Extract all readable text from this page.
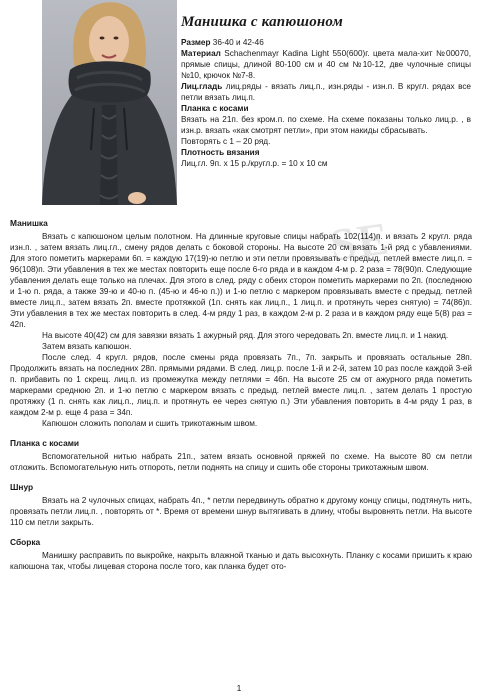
Манишка с капюшоном

Размер 36-40 и 42-46

Материал Schachenmayr Kadina Light 550(600)г. цвета мала-хит №00070, прямые спицы, длиной 80-100 см и 40 см №10-12, две чулочные спицы №10, крючок №7-8.

Лиц.гладь лиц.ряды - вязать лиц.п., изн.ряды - изн.п. В кругл. рядах все петли вязать лиц.п.

Планка с косами

Вязать на 21п. без кром.п. по схеме. На схеме показаны только лиц.р. , в изн.р. вязать «как смотрят петли», при этом накиды сбрасывать.

Повторять с 1 – 20 ряд.

Плотность вязания

Лиц.гл. 9п. х 15 р./кругл.р. = 10 х 10 см

SE

Манишка

Вязать с капюшоном целым полотном. На длинные круговые спицы набрать 102(114)п. и вязать 2 кругл. ряда изн.п. , затем вязать лиц.гл., смену рядов делать с боковой стороны. На высоте 20 см вязать 1-й ряд с убавлениями. Для этого пометить маркерами 6п. = каждую 17(19)-ю петлю и эти петли провязывать с предыд. петлей вместе лиц.п. = 96(108)п. Эти убавления в тех же местах повторить еще после 6-го ряда и в каждом 4-м р. 2 раза = 78(90)п. Следующие убавления делать еще только на плечах. Для этого в след. ряду с обеих сторон пометить маркерами по 2п. (последнюю и 1-ю п. ряда, а также 39-ю и 40-ю п. (45-ю и 46-ю п.)) и 1-ю петлю с маркером провязывать вместе с предыд. петлей вместе лиц.п., затем вязать 2п. вместе протяжкой (1п. снять как лиц.п., 1 лиц.п. и протянуть через снятую) = 74(86)п. Эти убавления в тех же местах повторить в след. 4-м ряду 1 раз, в каждом 2-м р. 2 раза и в каждом ряду еще 5(8) раз = 42п.

На высоте 40(42) см для завязки вязать 1 ажурный ряд. Для этого чередовать 2п. вместе лиц.п. и 1 накид.

Затем вязать капюшон.

После след. 4 кругл. рядов, после смены ряда провязать 7п., 7п. закрыть и провязать остальные 28п. Продолжить вязать на последних 28п. прямыми рядами. В след. лиц.р. после 1-й и 2-й, затем 10 раз после каждой 3-ей п. прибавить по 1 скрещ. лиц.п. из промежутка между петлями = 46п. На высоте 25 см от ажурного ряда пометить маркерами среднюю 2п. и 1-ю петлю с маркером вязать с предыд. петлей вместе лиц.п. , затем делать 1 простую протяжку (1 п. снять как лиц.п., лиц.п. и протянуть ее через снятую п.) Эти убавления повторить в 4-м ряду 1 раз, в каждом 2-м р. еще 4 раза = 34п.

Капюшон сложить пополам и сшить трикотажным швом.

Планка с косами

Вспомогательной нитью набрать 21п., затем вязать основной пряжей по схеме. На высоте 80 см петли отложить. Вспомогательную нить отпороть, петли поднять на спицу и сшить обе стороны трикотажным швом.

Шнур

Вязать на 2 чулочных спицах, набрать 4п., * петли передвинуть обратно к другому концу спицы, подтянуть нить, провязать петли лиц.п. , повторять от *. Время от времени шнур вытягивать в длину, чтобы выровнять петли. На высоте 110 см петли закрыть.

Сборка

Манишку расправить по выкройке, накрыть влажной тканью и дать высохнуть. Планку с косами пришить к краю капюшона так, чтобы лицевая сторона после того, как планка будет ото-

1
